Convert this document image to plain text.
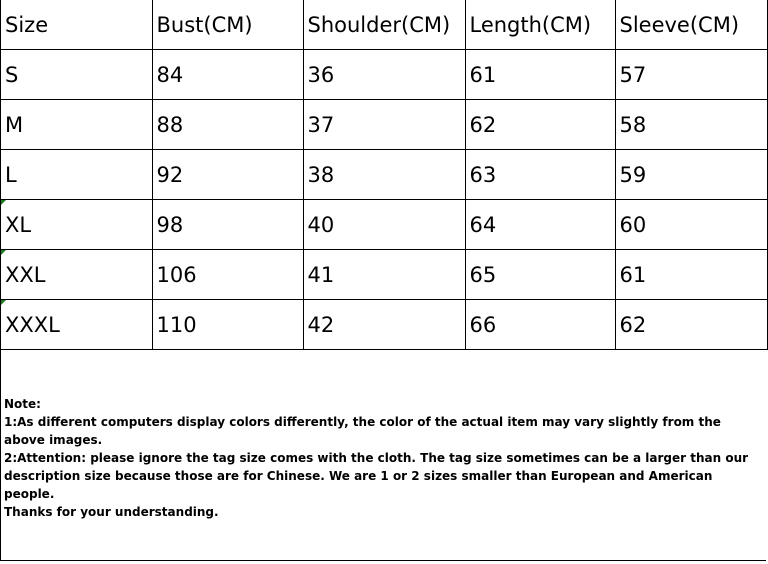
Size	Bust(CM)	Shoulder(CM)	Length(CM)	Sleeve(CM)
S	84	36	61	57
M	88	37	62	58
L	92	38	63	59

XL	98	40	64	60

XXL	106	41	65	61

XXXL	110	42	66	62

Note:

1:As different computers display colors differently, the color of the actual item may vary slightly from the above images.

2:Attention: please ignore the tag size comes with the cloth. The tag size sometimes can be a larger than our description size because those are for Chinese. We are 1 or 2 sizes smaller than European and American people.

Thanks for your understanding.
